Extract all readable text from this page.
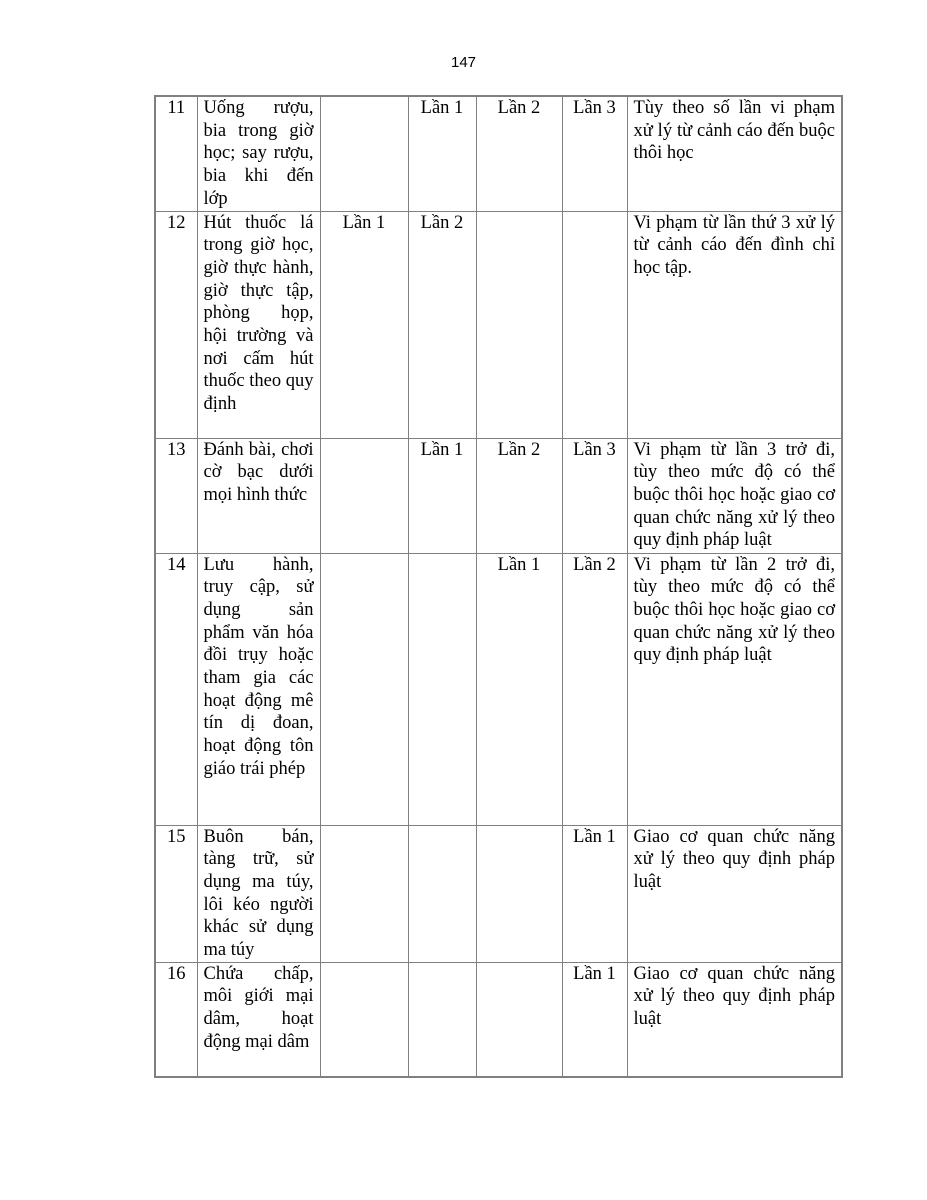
147
11	Uống rượu, bia trong giờ học; say rượu, bia khi đến lớp		Lần 1	Lần 2	Lần 3	Tùy theo số lần vi phạm xử lý từ cảnh cáo đến buộc thôi học
12	Hút thuốc lá trong giờ học, giờ thực hành, giờ thực tập, phòng họp, hội trường và nơi cấm hút thuốc theo quy định	Lần 1	Lần 2			Vi phạm từ lần thứ 3 xử lý từ cảnh cáo đến đình chỉ học tập.
13	Đánh bài, chơi cờ bạc dưới mọi hình thức		Lần 1	Lần 2	Lần 3	Vi phạm từ lần 3 trở đi, tùy theo mức độ có thể buộc thôi học hoặc giao cơ quan chức năng xử lý theo quy định pháp luật
14	Lưu hành, truy cập, sử dụng sản phẩm văn hóa đồi trụy hoặc tham gia các hoạt động mê tín dị đoan, hoạt động tôn giáo trái phép			Lần 1	Lần 2	Vi phạm từ lần 2 trở đi, tùy theo mức độ có thể buộc thôi học hoặc giao cơ quan chức năng xử lý theo quy định pháp luật
15	Buôn bán, tàng trữ, sử dụng ma túy, lôi kéo người khác sử dụng ma túy				Lần 1	Giao cơ quan chức năng xử lý theo quy định pháp luật
16	Chứa chấp, môi giới mại dâm, hoạt động mại dâm				Lần 1	Giao cơ quan chức năng xử lý theo quy định pháp luật
